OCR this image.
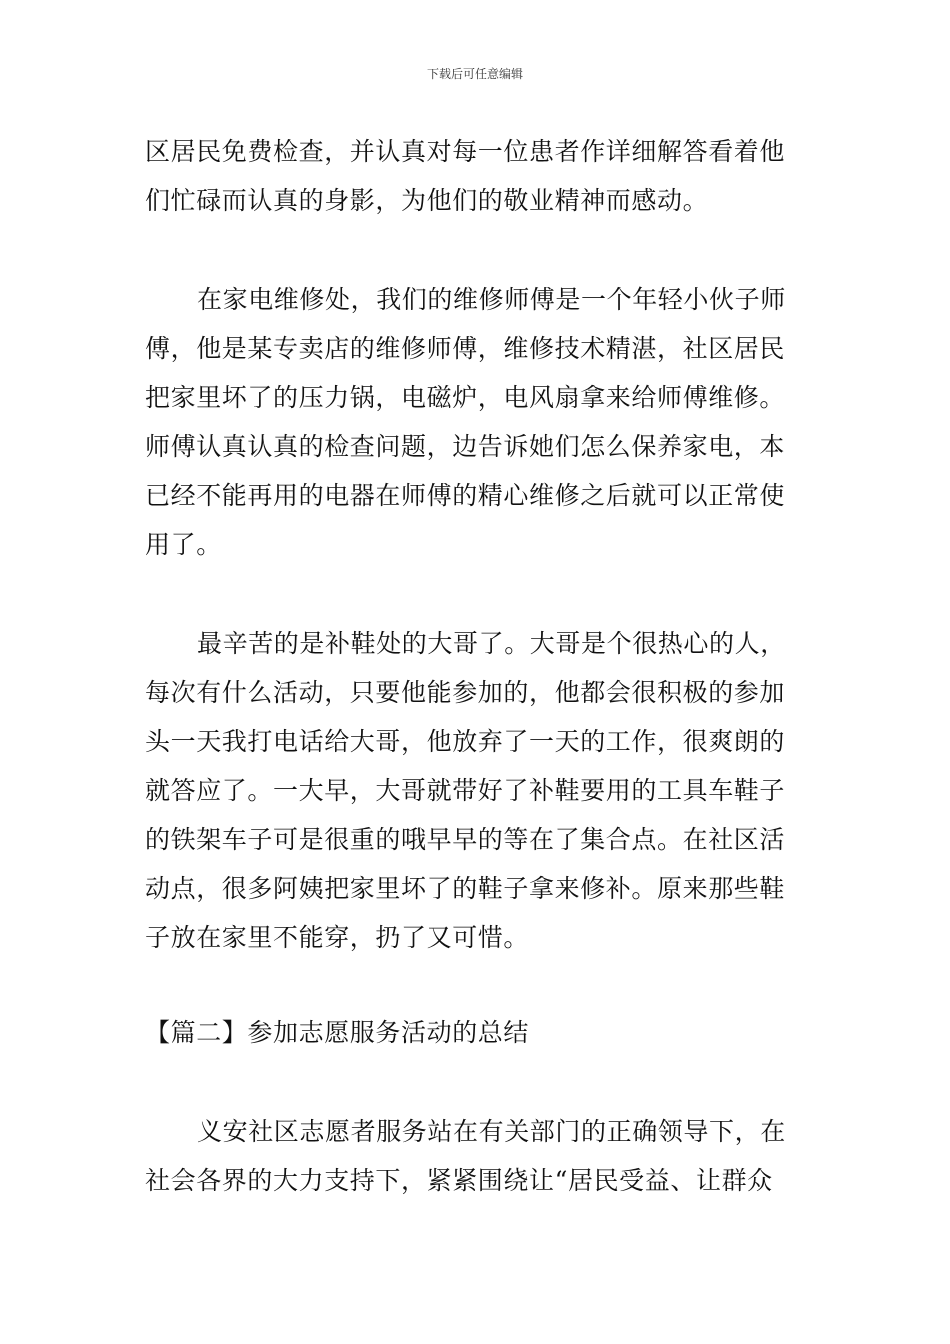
下载后可任意编辑
区居民免费检查，并认真对每一位患者作详细解答看着他
们忙碌而认真的身影，为他们的敬业精神而感动。
在家电维修处，我们的维修师傅是一个年轻小伙子师
傅，他是某专卖店的维修师傅，维修技术精湛，社区居民
把家里坏了的压力锅，电磁炉，电风扇拿来给师傅维修。
师傅认真认真的检查问题，边告诉她们怎么保养家电，本
已经不能再用的电器在师傅的精心维修之后就可以正常使
用了。
最辛苦的是补鞋处的大哥了。大哥是个很热心的人，
每次有什么活动，只要他能参加的，他都会很积极的参加
头一天我打电话给大哥，他放弃了一天的工作，很爽朗的
就答应了。一大早，大哥就带好了补鞋要用的工具车鞋子
的铁架车子可是很重的哦早早的等在了集合点。在社区活
动点，很多阿姨把家里坏了的鞋子拿来修补。原来那些鞋
子放在家里不能穿，扔了又可惜。
【篇二】参加志愿服务活动的总结
义安社区志愿者服务站在有关部门的正确领导下，在
社会各界的大力支持下，紧紧围绕让“居民受益、让群众
